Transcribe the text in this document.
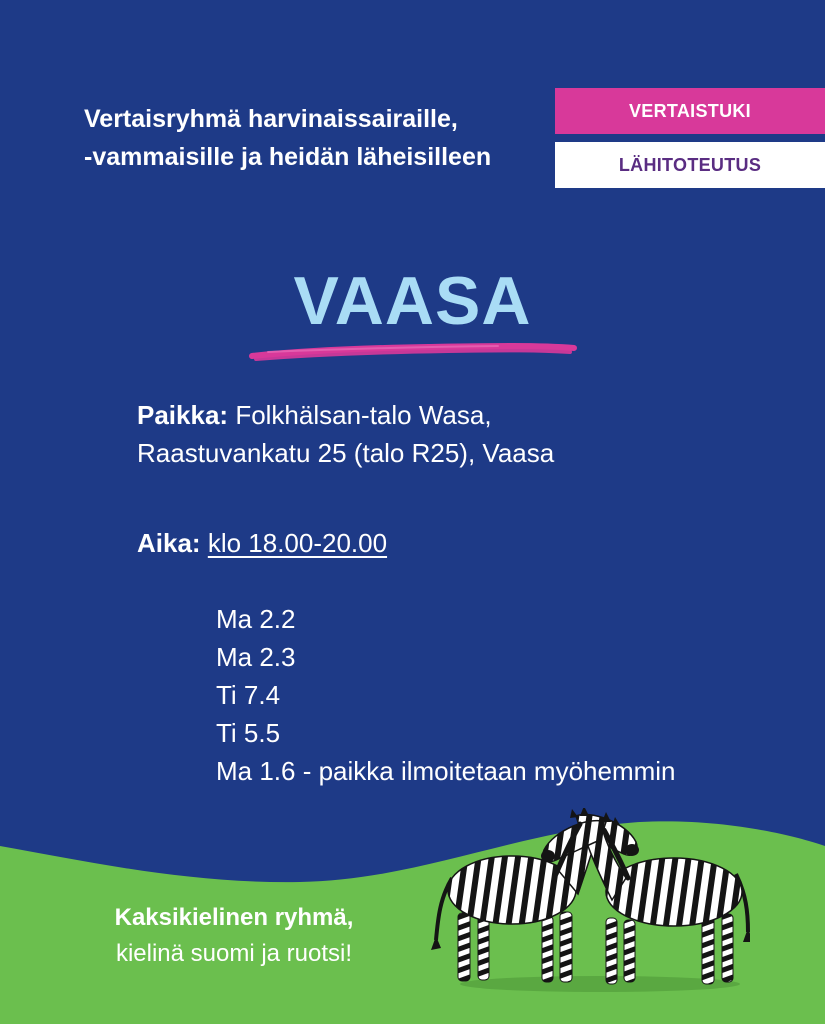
Vertaisryhmä harvinaissairaille,
-vammaisille ja heidän läheisilleen
VERTAISTUKI
LÄHITOTEUTUS
VAASA
Paikka: Folkhälsan-talo Wasa,
Raastuvankatu 25 (talo R25), Vaasa
Aika: klo 18.00-20.00
Ma 2.2
Ma 2.3
Ti 7.4
Ti 5.5
Ma 1.6 - paikka ilmoitetaan myöhemmin
Kaksikielinen ryhmä,
kielinä suomi ja ruotsi!
